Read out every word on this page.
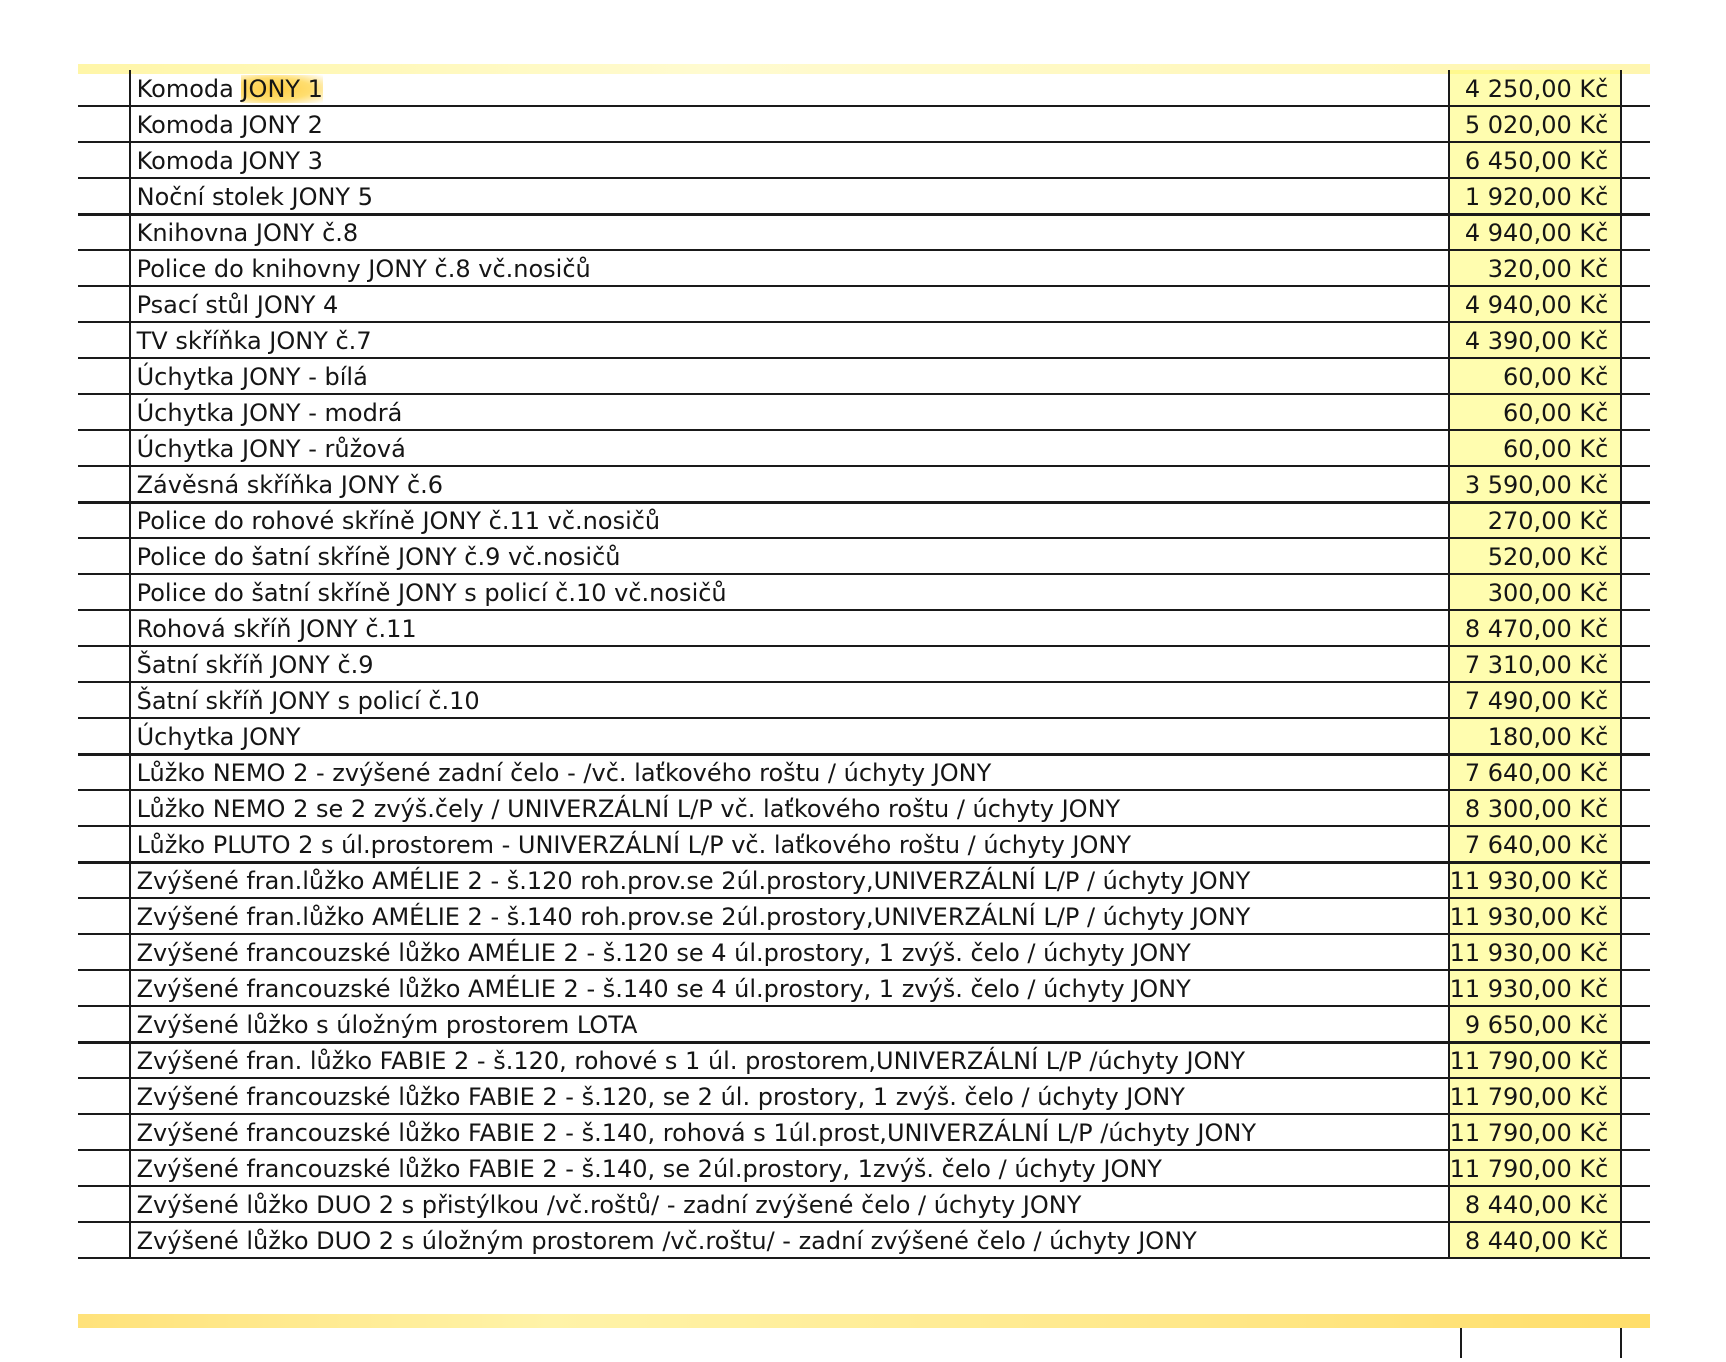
	Komoda JONY 1	4 250,00 Kč	
	Komoda JONY 2	5 020,00 Kč	
	Komoda JONY 3	6 450,00 Kč	
	Noční stolek JONY 5	1 920,00 Kč	
	Knihovna JONY č.8	4 940,00 Kč	
	Police do knihovny JONY č.8 vč.nosičů	320,00 Kč	
	Psací stůl JONY 4	4 940,00 Kč	
	TV skříňka JONY č.7	4 390,00 Kč	
	Úchytka JONY - bílá	60,00 Kč	
	Úchytka JONY - modrá	60,00 Kč	
	Úchytka JONY - růžová	60,00 Kč	
	Závěsná skříňka JONY č.6	3 590,00 Kč	
	Police do rohové skříně JONY č.11 vč.nosičů	270,00 Kč	
	Police do šatní skříně JONY č.9 vč.nosičů	520,00 Kč	
	Police do šatní skříně JONY s policí č.10 vč.nosičů	300,00 Kč	
	Rohová skříň JONY č.11	8 470,00 Kč	
	Šatní skříň JONY č.9	7 310,00 Kč	
	Šatní skříň JONY s policí č.10	7 490,00 Kč	
	Úchytka JONY	180,00 Kč	
	Lůžko NEMO 2 - zvýšené zadní čelo - /vč. laťkového roštu / úchyty JONY	7 640,00 Kč	
	Lůžko NEMO 2 se 2 zvýš.čely / UNIVERZÁLNÍ L/P vč. laťkového roštu / úchyty JONY	8 300,00 Kč	
	Lůžko PLUTO 2 s úl.prostorem - UNIVERZÁLNÍ L/P vč. laťkového roštu / úchyty JONY	7 640,00 Kč	
	Zvýšené fran.lůžko AMÉLIE 2 - š.120 roh.prov.se 2úl.prostory,UNIVERZÁLNÍ L/P / úchyty JONY	11 930,00 Kč	
	Zvýšené fran.lůžko AMÉLIE 2 - š.140 roh.prov.se 2úl.prostory,UNIVERZÁLNÍ L/P / úchyty JONY	11 930,00 Kč	
	Zvýšené francouzské lůžko AMÉLIE 2 - š.120 se 4 úl.prostory, 1 zvýš. čelo / úchyty JONY	11 930,00 Kč	
	Zvýšené francouzské lůžko AMÉLIE 2 - š.140 se 4 úl.prostory, 1 zvýš. čelo / úchyty JONY	11 930,00 Kč	
	Zvýšené lůžko s úložným prostorem LOTA	9 650,00 Kč	
	Zvýšené fran. lůžko FABIE 2 - š.120, rohové s 1 úl. prostorem,UNIVERZÁLNÍ L/P /úchyty JONY	11 790,00 Kč	
	Zvýšené francouzské lůžko FABIE 2 - š.120, se 2 úl. prostory, 1 zvýš. čelo / úchyty JONY	11 790,00 Kč	
	Zvýšené francouzské lůžko FABIE 2 - š.140, rohová s 1úl.prost,UNIVERZÁLNÍ L/P /úchyty JONY	11 790,00 Kč	
	Zvýšené francouzské lůžko FABIE 2 - š.140, se 2úl.prostory, 1zvýš. čelo / úchyty JONY	11 790,00 Kč	
	Zvýšené lůžko DUO 2 s přistýlkou /vč.roštů/ - zadní zvýšené čelo / úchyty JONY	8 440,00 Kč	
	Zvýšené lůžko DUO 2 s úložným prostorem /vč.roštu/ - zadní zvýšené čelo / úchyty JONY	8 440,00 Kč	
